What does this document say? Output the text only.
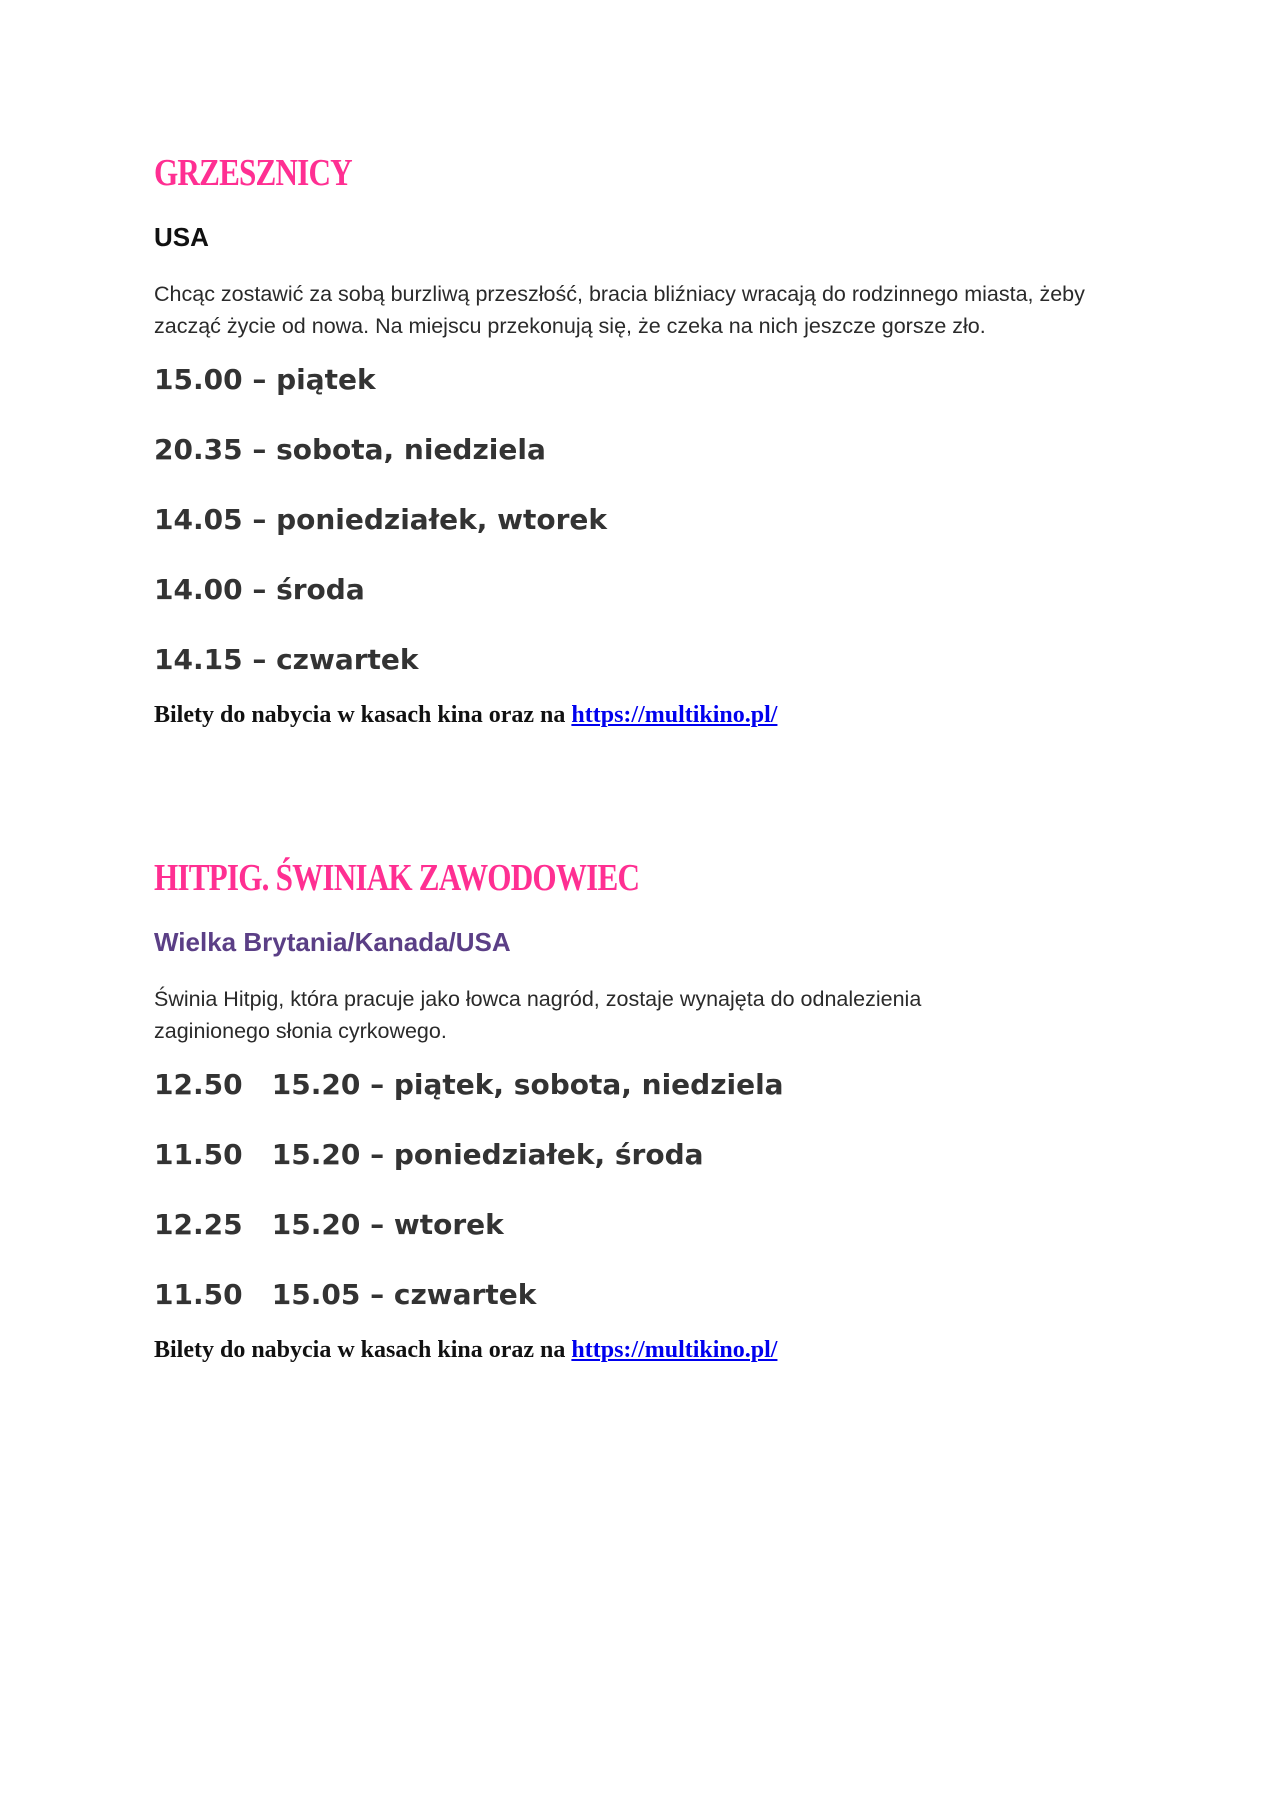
GRZESZNICY
USA
Chcąc zostawić za sobą burzliwą przeszłość, bracia bliźniacy wracają do rodzinnego miasta, żeby zacząć życie od nowa. Na miejscu przekonują się, że czeka na nich jeszcze gorsze zło.
15.00 – piątek
20.35 – sobota, niedziela
14.05 – poniedziałek, wtorek
14.00 – środa
14.15 – czwartek
Bilety do nabycia w kasach kina oraz na https://multikino.pl/
HITPIG. ŚWINIAK ZAWODOWIEC
Wielka Brytania/Kanada/USA
Świnia Hitpig, która pracuje jako łowca nagród, zostaje wynajęta do odnalezienia zaginionego słonia cyrkowego.
12.50   15.20 – piątek, sobota, niedziela
11.50   15.20 – poniedziałek, środa
12.25   15.20 – wtorek
11.50   15.05 – czwartek
Bilety do nabycia w kasach kina oraz na https://multikino.pl/
